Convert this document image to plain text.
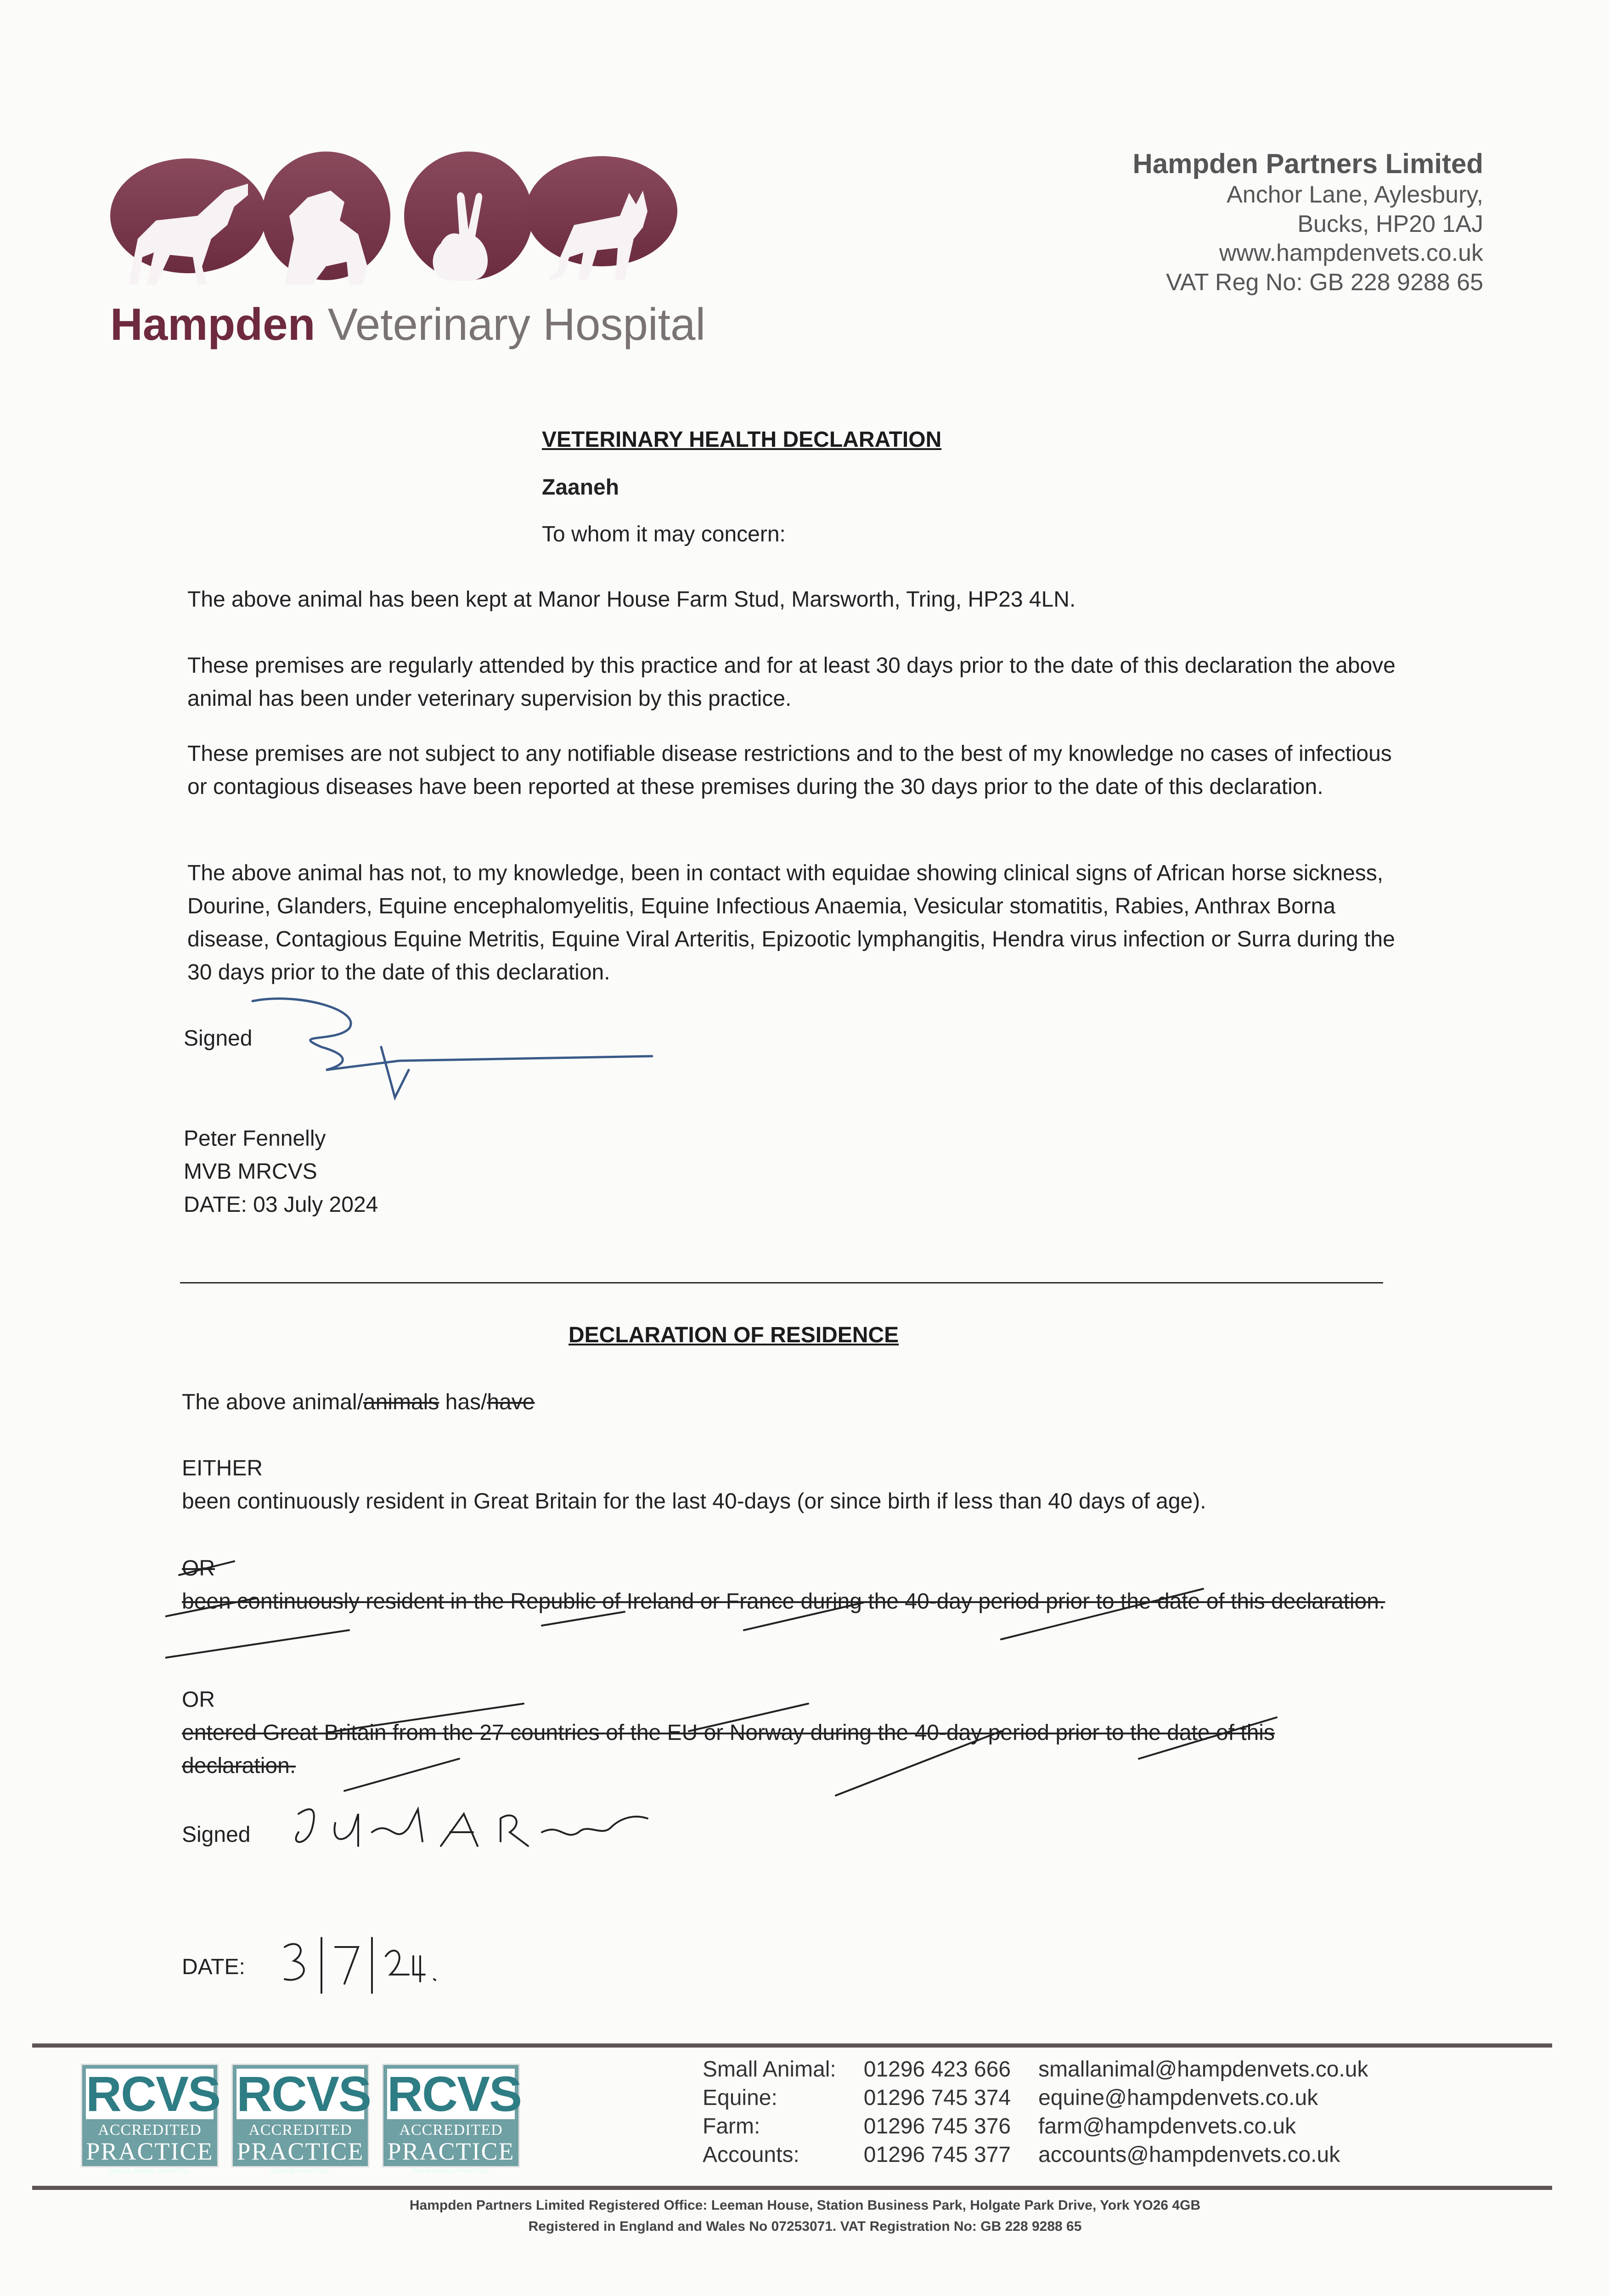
Hampden Veterinary Hospital
Hampden Partners Limited
Anchor Lane, Aylesbury,
Bucks, HP20 1AJ
www.hampdenvets.co.uk
VAT Reg No: GB 228 9288 65
VETERINARY HEALTH DECLARATION
Zaaneh
To whom it may concern:
The above animal has been kept at Manor House Farm Stud, Marsworth, Tring, HP23 4LN.
These premises are regularly attended by this practice and for at least 30 days prior to the date of this declaration the above animal has been under veterinary supervision by this practice.
These premises are not subject to any notifiable disease restrictions and to the best of my knowledge no cases of infectious or contagious diseases have been reported at these premises during the 30 days prior to the date of this declaration.
The above animal has not, to my knowledge, been in contact with equidae showing clinical signs of African horse sickness, Dourine, Glanders, Equine encephalomyelitis, Equine Infectious Anaemia, Vesicular stomatitis, Rabies, Anthrax Borna disease, Contagious Equine Metritis, Equine Viral Arteritis, Epizootic lymphangitis, Hendra virus infection or Surra during the 30 days prior to the date of this declaration.
Signed
Peter Fennelly
MVB MRCVS
DATE: 03 July 2024
DECLARATION OF RESIDENCE
The above animal/animals has/have
EITHER
been continuously resident in Great Britain for the last 40-days (or since birth if less than 40 days of age).
OR
been continuously resident in the Republic of Ireland or France during the 40-day period prior to the date of this declaration.
OR
entered Great Britain from the 27 countries of the EU or Norway during the 40-day period prior to the date of this declaration.
Signed
DATE:
RCVS
ACCREDITED
PRACTICE
SMALL ANIMAL HOSPITAL
RCVS
ACCREDITED
PRACTICE
EQUINE PRACTICE
RCVS
ACCREDITED
PRACTICE
FARM ANIMAL PRACTICE
Small Animal:	01296 423 666	smallanimal@hampdenvets.co.uk
Equine:	01296 745 374	equine@hampdenvets.co.uk
Farm:	01296 745 376	farm@hampdenvets.co.uk
Accounts:	01296 745 377	accounts@hampdenvets.co.uk
Hampden Partners Limited Registered Office: Leeman House, Station Business Park, Holgate Park Drive, York YO26 4GB
Registered in England and Wales No 07253071. VAT Registration No: GB 228 9288 65
